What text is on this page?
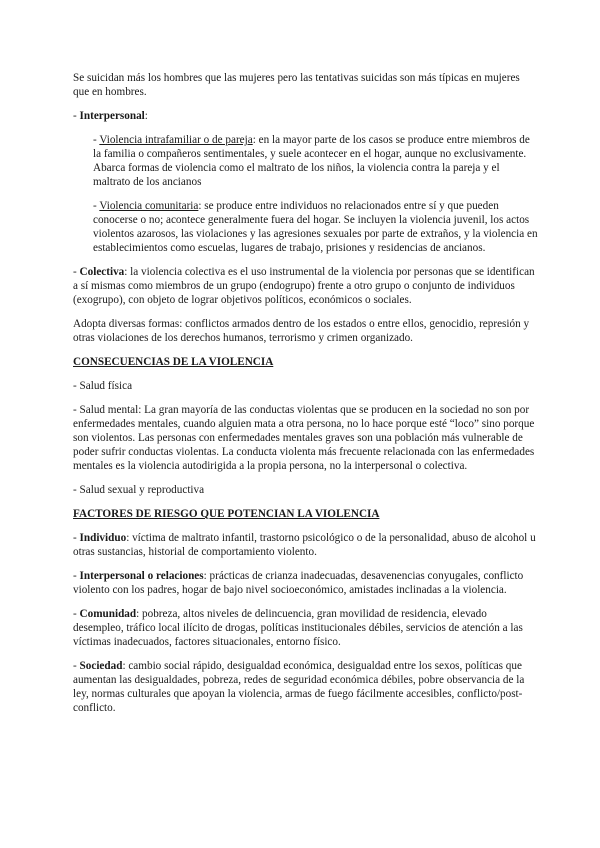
Se suicidan más los hombres que las mujeres pero las tentativas suicidas son más típicas en mujeres que en hombres.

- Interpersonal:

- Violencia intrafamiliar o de pareja: en la mayor parte de los casos se produce entre miembros de la familia o compañeros sentimentales, y suele acontecer en el hogar, aunque no exclusivamente. Abarca formas de violencia como el maltrato de los niños, la violencia contra la pareja y el maltrato de los ancianos

- Violencia comunitaria: se produce entre individuos no relacionados entre sí y que pueden conocerse o no; acontece generalmente fuera del hogar. Se incluyen la violencia juvenil, los actos violentos azarosos, las violaciones y las agresiones sexuales por parte de extraños, y la violencia en establecimientos como escuelas, lugares de trabajo, prisiones y residencias de ancianos.

- Colectiva: la violencia colectiva es el uso instrumental de la violencia por personas que se identifican a sí mismas como miembros de un grupo (endogrupo) frente a otro grupo o conjunto de individuos (exogrupo), con objeto de lograr objetivos políticos, económicos o sociales.

Adopta diversas formas: conflictos armados dentro de los estados o entre ellos, genocidio, represión y otras violaciones de los derechos humanos, terrorismo y crimen organizado.

CONSECUENCIAS DE LA VIOLENCIA

- Salud física

- Salud mental: La gran mayoría de las conductas violentas que se producen en la sociedad no son por enfermedades mentales, cuando alguien mata a otra persona, no lo hace porque esté “loco” sino porque son violentos. Las personas con enfermedades mentales graves son una población más vulnerable de poder sufrir conductas violentas. La conducta violenta más frecuente relacionada con las enfermedades mentales es la violencia autodirigida a la propia persona, no la interpersonal o colectiva.

- Salud sexual y reproductiva

FACTORES DE RIESGO QUE POTENCIAN LA VIOLENCIA

- Individuo: víctima de maltrato infantil, trastorno psicológico o de la personalidad, abuso de alcohol u otras sustancias, historial de comportamiento violento.

- Interpersonal o relaciones: prácticas de crianza inadecuadas, desavenencias conyugales, conflicto violento con los padres, hogar de bajo nivel socioeconómico, amistades inclinadas a la violencia.

- Comunidad: pobreza, altos niveles de delincuencia, gran movilidad de residencia, elevado desempleo, tráfico local ilícito de drogas, políticas institucionales débiles, servicios de atención a las víctimas inadecuados, factores situacionales, entorno físico.

- Sociedad: cambio social rápido, desigualdad económica, desigualdad entre los sexos, políticas que aumentan las desigualdades, pobreza, redes de seguridad económica débiles, pobre observancia de la ley, normas culturales que apoyan la violencia, armas de fuego fácilmente accesibles, conflicto/post-conflicto.
